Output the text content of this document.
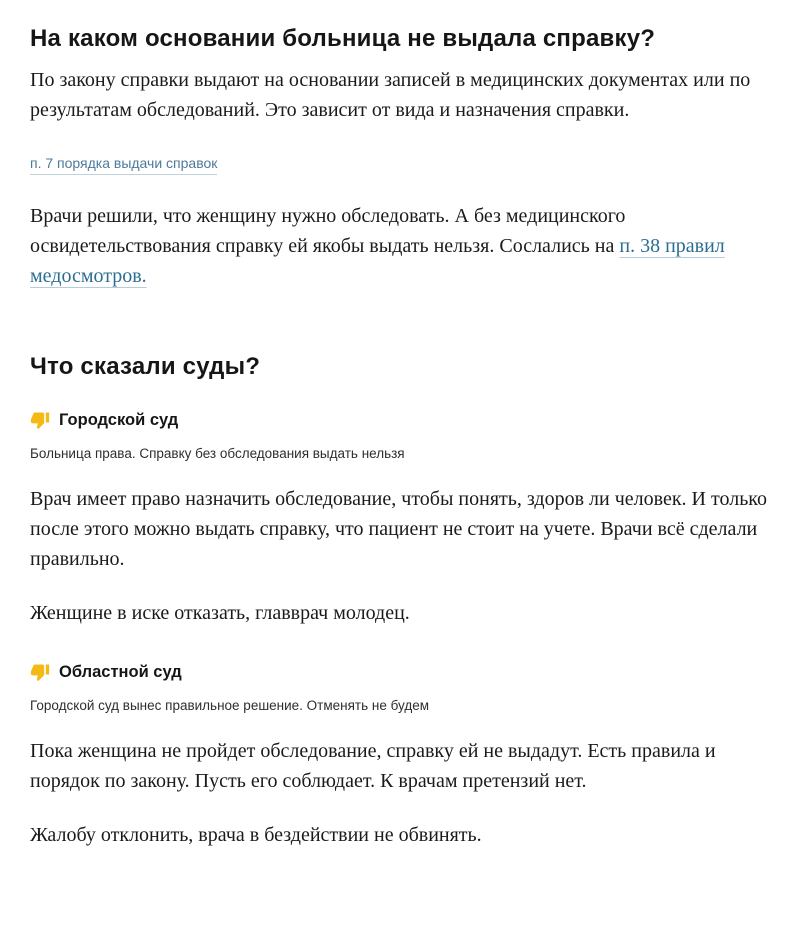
На каком основании больница не выдала справку?

По закону справки выдают на основании записей в медицинских документах или по результатам обследований. Это зависит от вида и назначения справки.

п. 7 порядка выдачи справок

Врачи решили, что женщину нужно обследовать. А без медицинского освидетельствования справку ей якобы выдать нельзя. Сослались на п. 38 правил медосмотров.

Что сказали суды?
Городской суд

Больница права. Справку без обследования выдать нельзя

Врач имеет право назначить обследование, чтобы понять, здоров ли человек. И только после этого можно выдать справку, что пациент не стоит на учете. Врачи всё сделали правильно.

Женщине в иске отказать, главврач молодец.

Областной суд

Городской суд вынес правильное решение. Отменять не будем

Пока женщина не пройдет обследование, справку ей не выдадут. Есть правила и порядок по закону. Пусть его соблюдает. К врачам претензий нет.

Жалобу отклонить, врача в бездействии не обвинять.
